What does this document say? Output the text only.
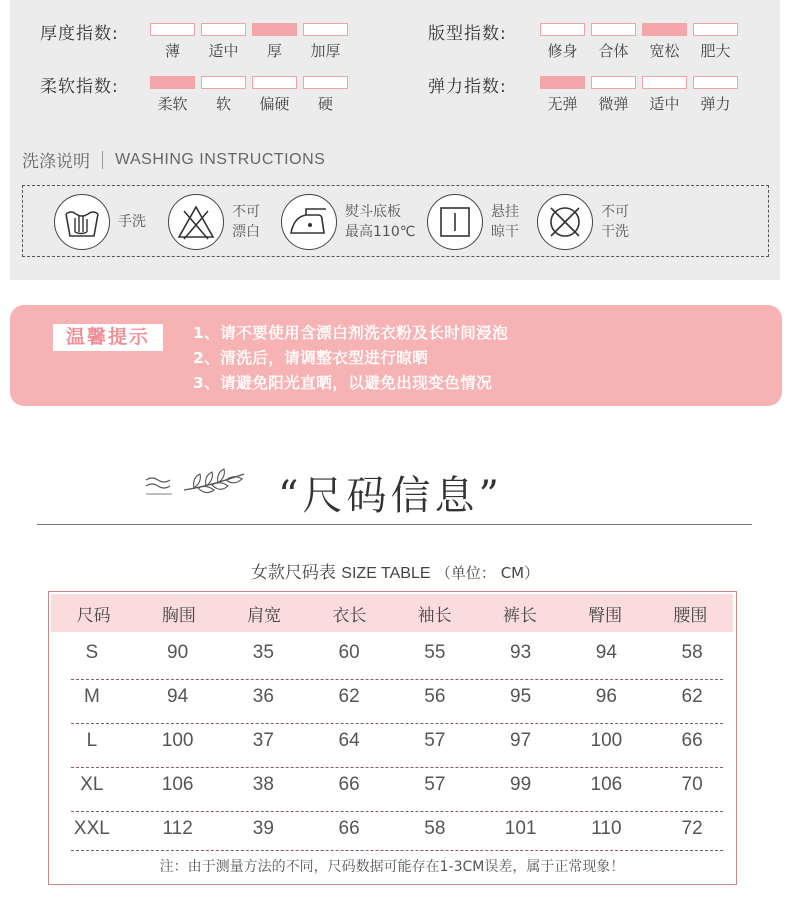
厚度指数:
薄	适中	厚	加厚
版型指数:
修身	合体	宽松	肥大
柔软指数:
柔软	软	偏硬	硬
弹力指数:
无弹	微弹	适中	弹力
洗涤说明 WASHING INSTRUCTIONS
手洗
不可
漂白
熨斗底板
最高110℃
悬挂
晾干
不可
干洗
温馨提示	1、请不要使用含漂白剂洗衣粉及长时间浸泡
2、清洗后，请调整衣型进行晾晒
3、请避免阳光直晒，以避免出现变色情况
“尺码信息”
女款尺码表 SIZE TABLE （单位： CM）
尺码	胸围	肩宽	衣长	袖长	裤长	臀围	腰围
S	90	35	60	55	93	94	58
M	94	36	62	56	95	96	62
L	100	37	64	57	97	100	66
XL	106	38	66	57	99	106	70
XXL	112	39	66	58	101	110	72
注：由于测量方法的不同，尺码数据可能存在1-3CM误差，属于正常现象！
